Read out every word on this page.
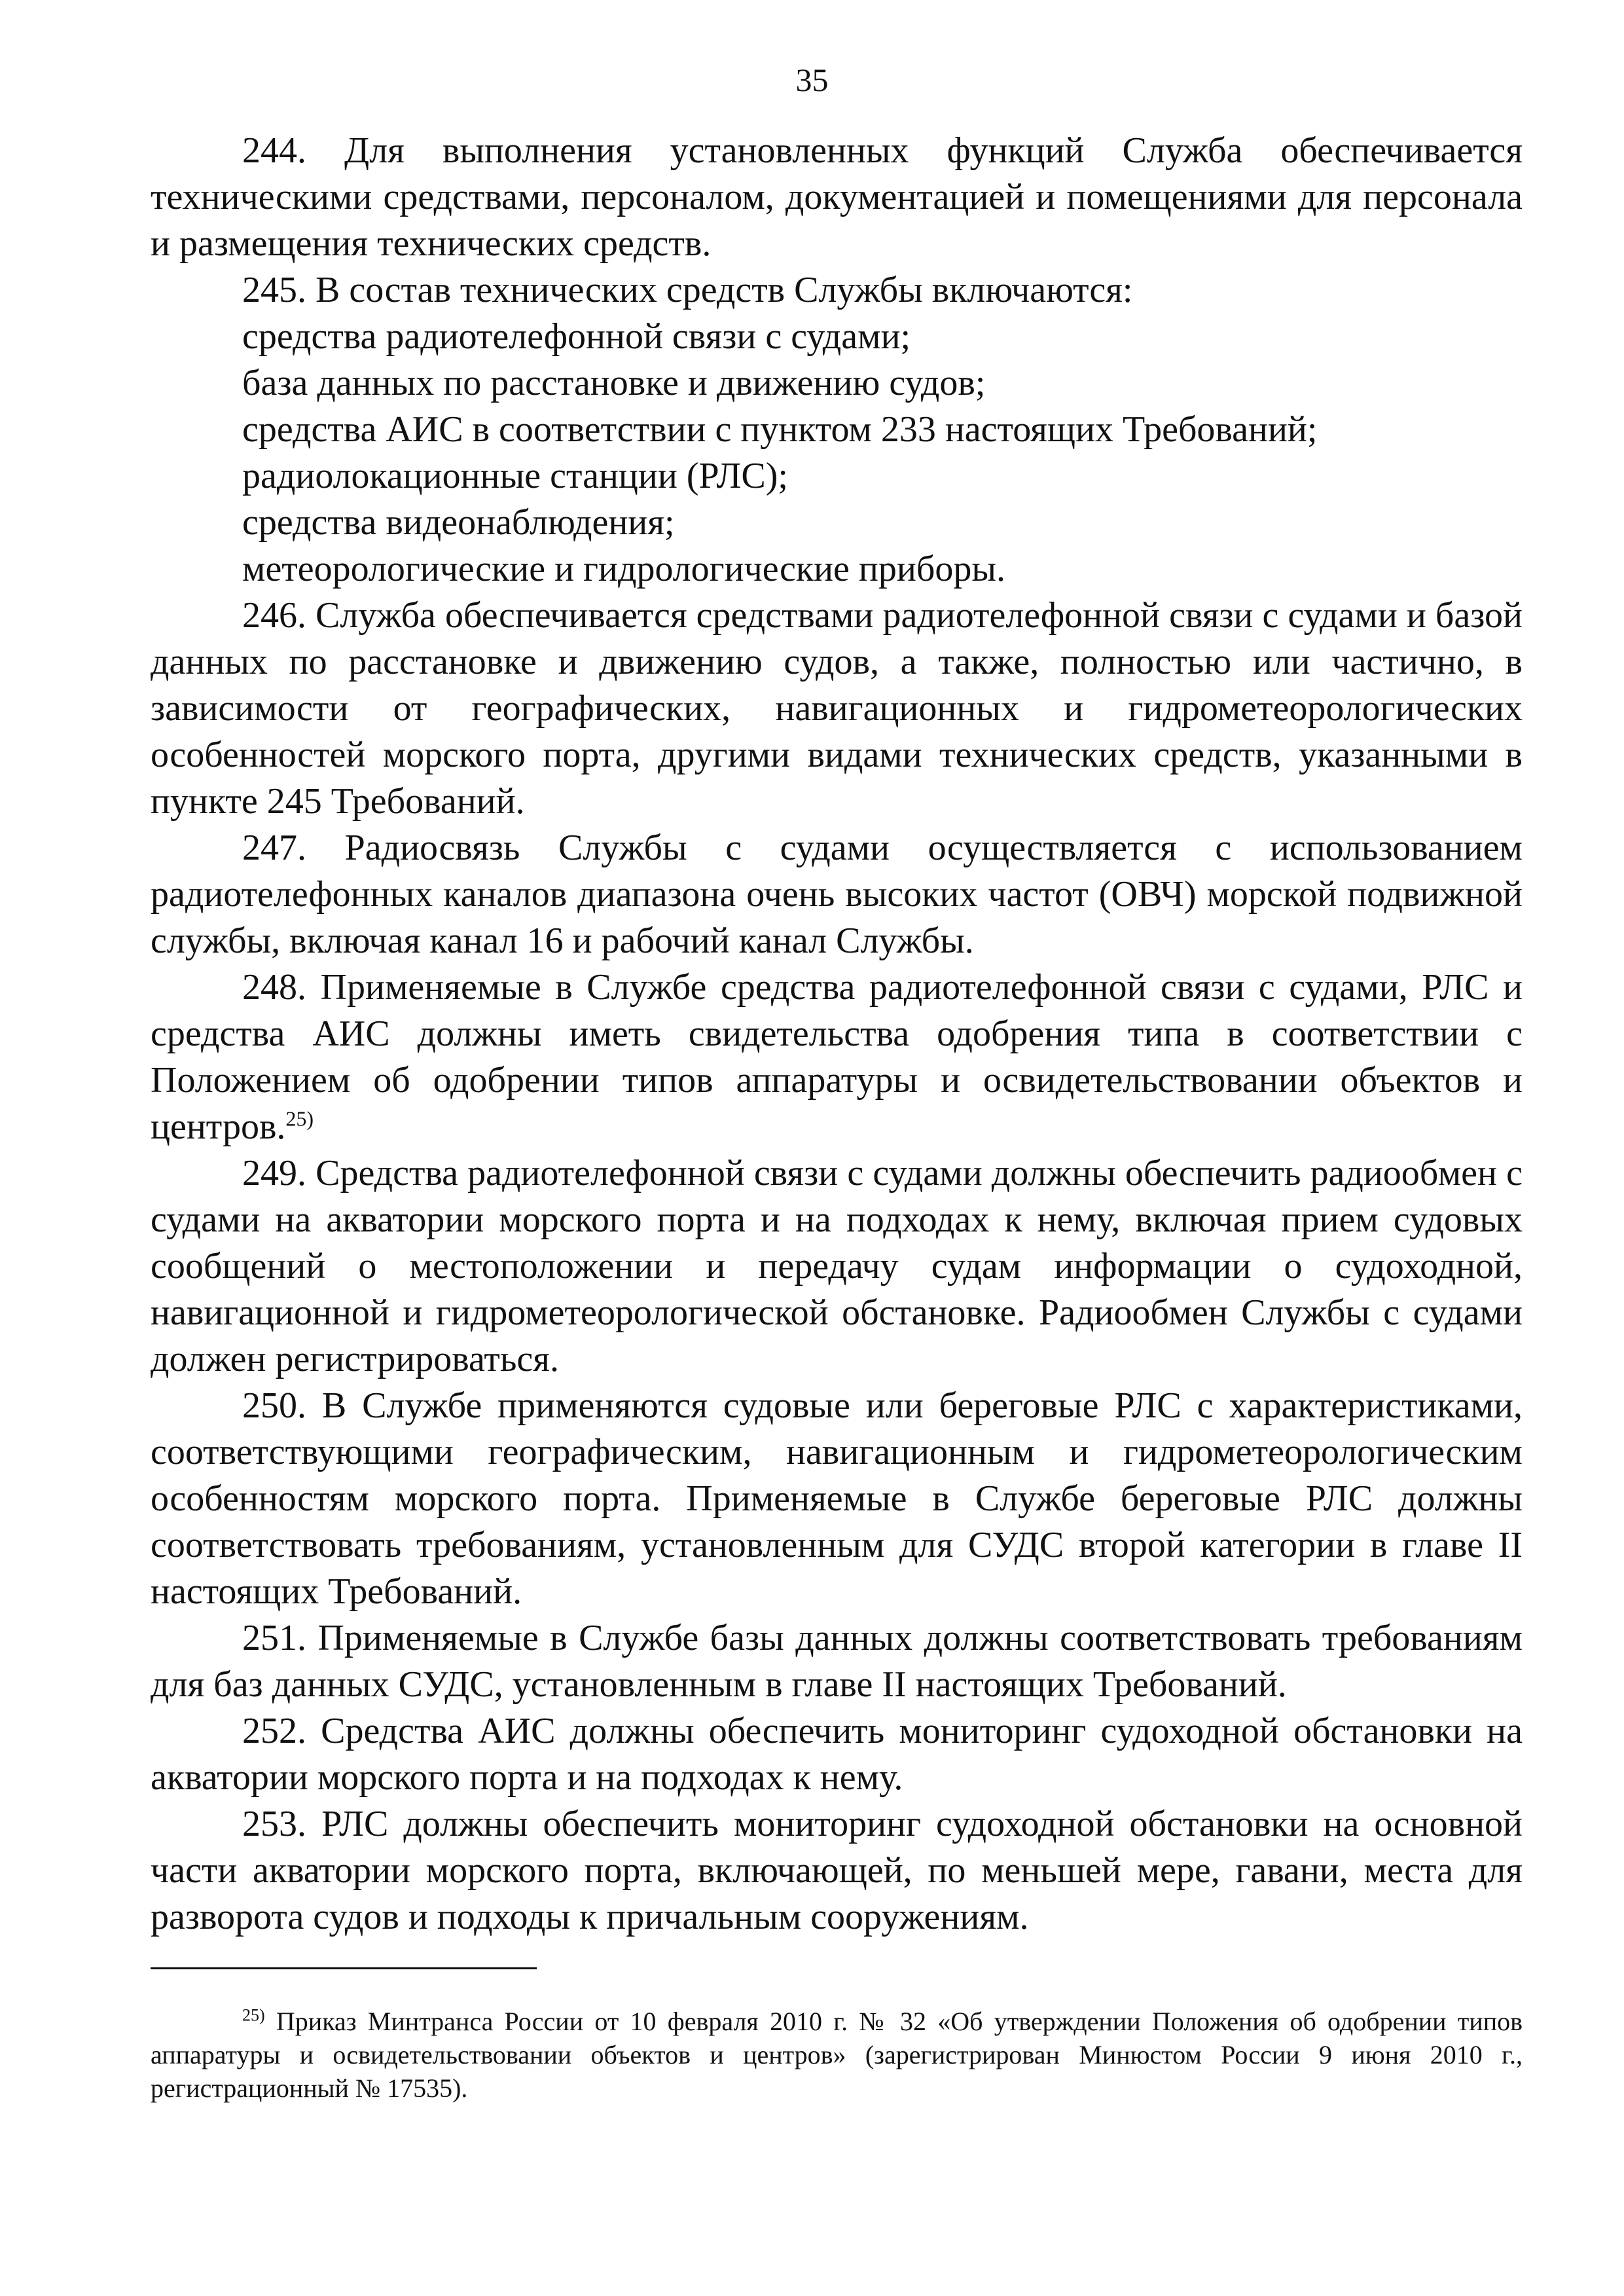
35

244. Для выполнения установленных функций Служба обеспечивается техническими средствами, персоналом, документацией и помещениями для персонала и размещения технических средств.

245. В состав технических средств Службы включаются:

средства радиотелефонной связи с судами;

база данных по расстановке и движению судов;

средства АИС в соответствии с пунктом 233 настоящих Требований;

радиолокационные станции (РЛС);

средства видеонаблюдения;

метеорологические и гидрологические приборы.

246. Служба обеспечивается средствами радиотелефонной связи с судами и базой данных по расстановке и движению судов, а также, полностью или частично, в зависимости от географических, навигационных и гидрометеорологических особенностей морского порта, другими видами технических средств, указанными в пункте 245 Требований.

247. Радиосвязь Службы с судами осуществляется с использованием радиотелефонных каналов диапазона очень высоких частот (ОВЧ) морской подвижной службы, включая канал 16 и рабочий канал Службы.

248. Применяемые в Службе средства радиотелефонной связи с судами, РЛС и средства АИС должны иметь свидетельства одобрения типа в соответствии с Положением об одобрении типов аппаратуры и освидетельствовании объектов и центров.$^{25)}$

249. Средства радиотелефонной связи с судами должны обеспечить радиообмен с судами на акватории морского порта и на подходах к нему, включая прием судовых сообщений о местоположении и передачу судам информации о судоходной, навигационной и гидрометеорологической обстановке. Радиообмен Службы с судами должен регистрироваться.

250. В Службе применяются судовые или береговые РЛС с характеристиками, соответствующими географическим, навигационным и гидрометеорологическим особенностям морского порта. Применяемые в Службе береговые РЛС должны соответствовать требованиям, установленным для СУДС второй категории в главе II настоящих Требований.

251. Применяемые в Службе базы данных должны соответствовать требованиям для баз данных СУДС, установленным в главе II настоящих Требований.

252. Средства АИС должны обеспечить мониторинг судоходной обстановки на акватории морского порта и на подходах к нему.

253. РЛС должны обеспечить мониторинг судоходной обстановки на основной части акватории морского порта, включающей, по меньшей мере, гавани, места для разворота судов и подходы к причальным сооружениям.

$^{25)}$ Приказ Минтранса России от 10 февраля 2010 г. № 32 «Об утверждении Положения об одобрении типов аппаратуры и освидетельствовании объектов и центров» (зарегистрирован Минюстом России 9 июня 2010 г., регистрационный № 17535).
